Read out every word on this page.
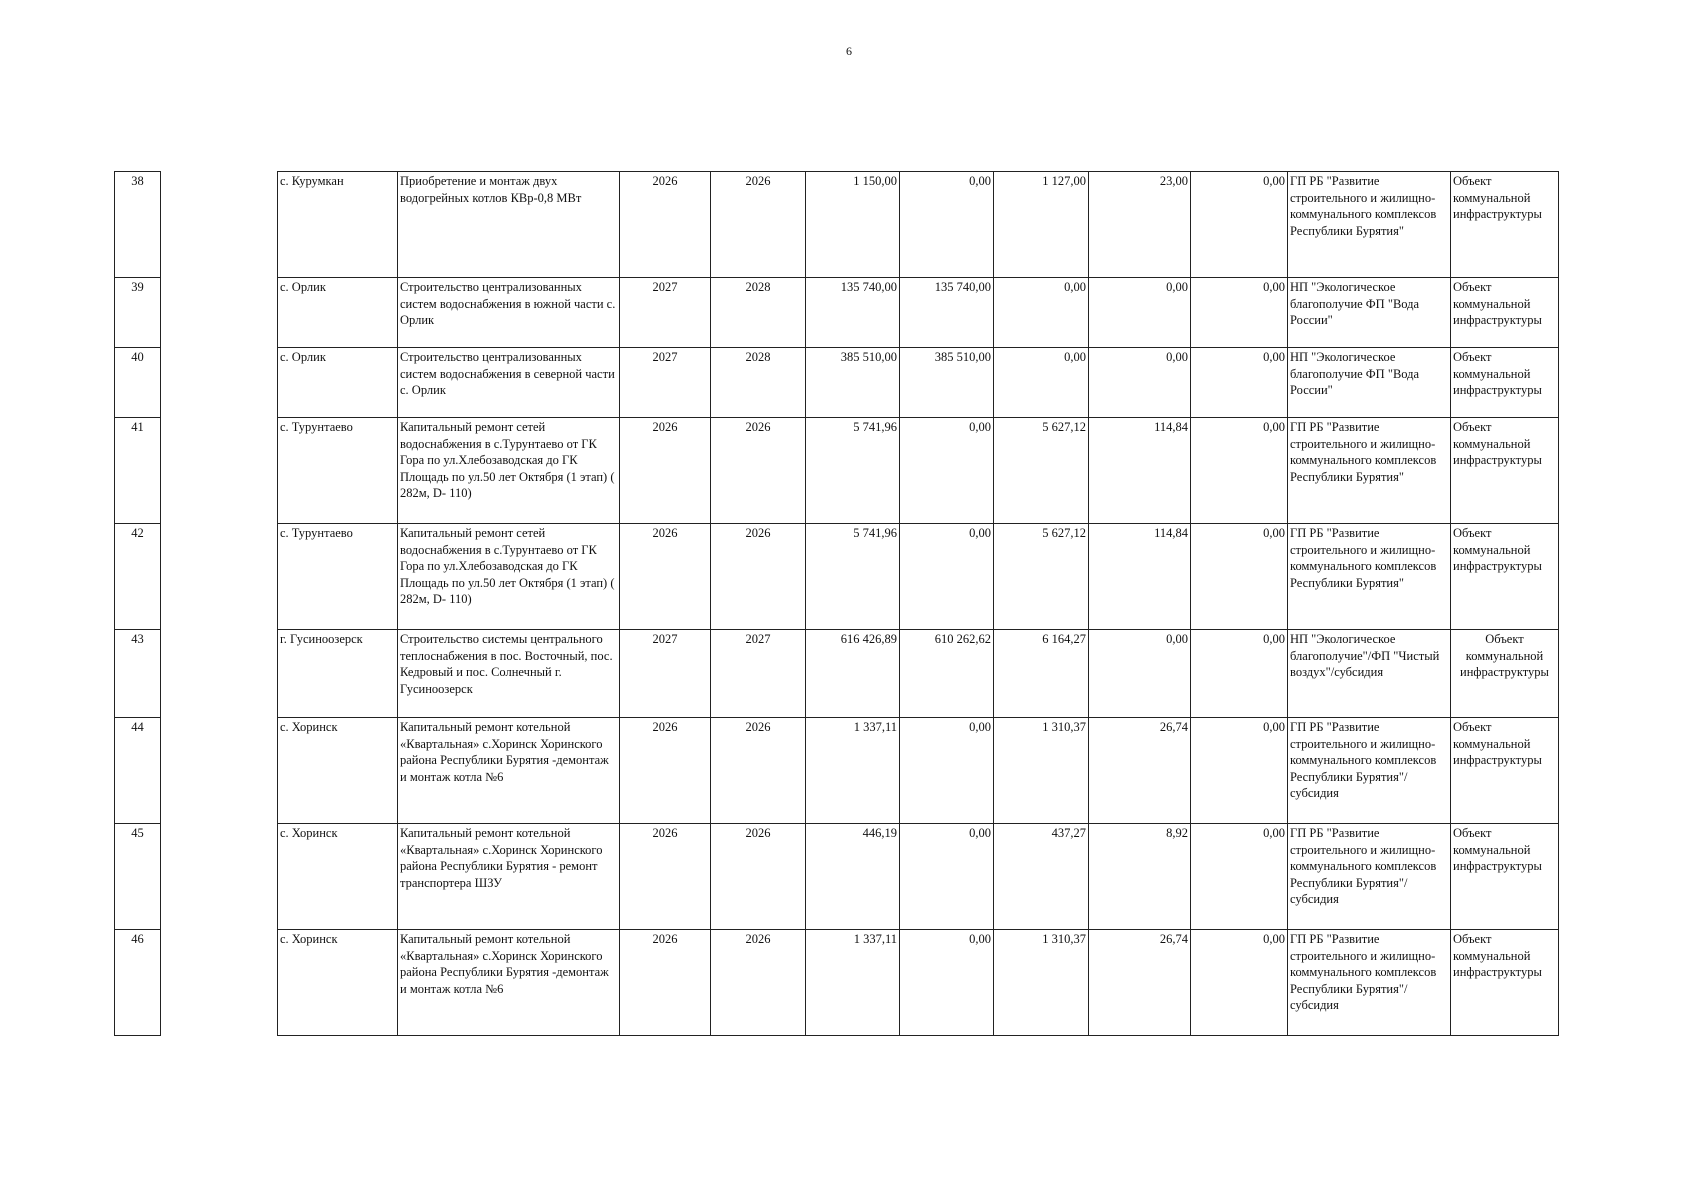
6
38		с. Курумкан	Приобретение и монтаж двух водогрейных котлов КВр-0,8 МВт	2026	2026	1 150,00	0,00	1 127,00	23,00	0,00	ГП РБ "Развитие строительного и жилищно-коммунального комплексов Республики Бурятия"	Объект коммунальной инфраструктуры
39		с. Орлик	Строительство централизованных систем водоснабжения в южной части с. Орлик	2027	2028	135 740,00	135 740,00	0,00	0,00	0,00	НП "Экологическое благополучие ФП "Вода России"	Объект коммунальной инфраструктуры
40		с. Орлик	Строительство централизованных систем водоснабжения в северной части с. Орлик	2027	2028	385 510,00	385 510,00	0,00	0,00	0,00	НП "Экологическое благополучие ФП "Вода России"	Объект коммунальной инфраструктуры
41		с. Турунтаево	Капитальный ремонт сетей водоснабжения в с.Турунтаево от ГК Гора по ул.Хлебозаводская до ГК Площадь по ул.50 лет Октября (1 этап) ( 282м, D- 110)	2026	2026	5 741,96	0,00	5 627,12	114,84	0,00	ГП РБ "Развитие строительного и жилищно-коммунального комплексов Республики Бурятия"	Объект коммунальной инфраструктуры
42		с. Турунтаево	Капитальный ремонт сетей водоснабжения в с.Турунтаево от ГК Гора по ул.Хлебозаводская до ГК Площадь по ул.50 лет Октября (1 этап) ( 282м, D- 110)	2026	2026	5 741,96	0,00	5 627,12	114,84	0,00	ГП РБ "Развитие строительного и жилищно-коммунального комплексов Республики Бурятия"	Объект коммунальной инфраструктуры
43		г. Гусиноозерск	Строительство системы центрального теплоснабжения в пос. Восточный, пос. Кедровый и пос. Солнечный г. Гусиноозерск	2027	2027	616 426,89	610 262,62	6 164,27	0,00	0,00	НП "Экологическое благополучие"/ФП "Чистый воздух"/субсидия	Объект коммунальной инфраструктуры
44		с. Хоринск	Капитальный ремонт котельной «Квартальная» с.Хоринск Хоринского района Республики Бурятия -демонтаж и монтаж котла №6	2026	2026	1 337,11	0,00	1 310,37	26,74	0,00	ГП РБ "Развитие строительного и жилищно-коммунального комплексов Республики Бурятия"/субсидия	Объект коммунальной инфраструктуры
45		с. Хоринск	Капитальный ремонт котельной «Квартальная» с.Хоринск Хоринского района Республики Бурятия - ремонт транспортера ШЗУ	2026	2026	446,19	0,00	437,27	8,92	0,00	ГП РБ "Развитие строительного и жилищно-коммунального комплексов Республики Бурятия"/субсидия	Объект коммунальной инфраструктуры
46		с. Хоринск	Капитальный ремонт котельной «Квартальная» с.Хоринск Хоринского района Республики Бурятия -демонтаж и монтаж котла №6	2026	2026	1 337,11	0,00	1 310,37	26,74	0,00	ГП РБ "Развитие строительного и жилищно-коммунального комплексов Республики Бурятия"/субсидия	Объект коммунальной инфраструктуры
